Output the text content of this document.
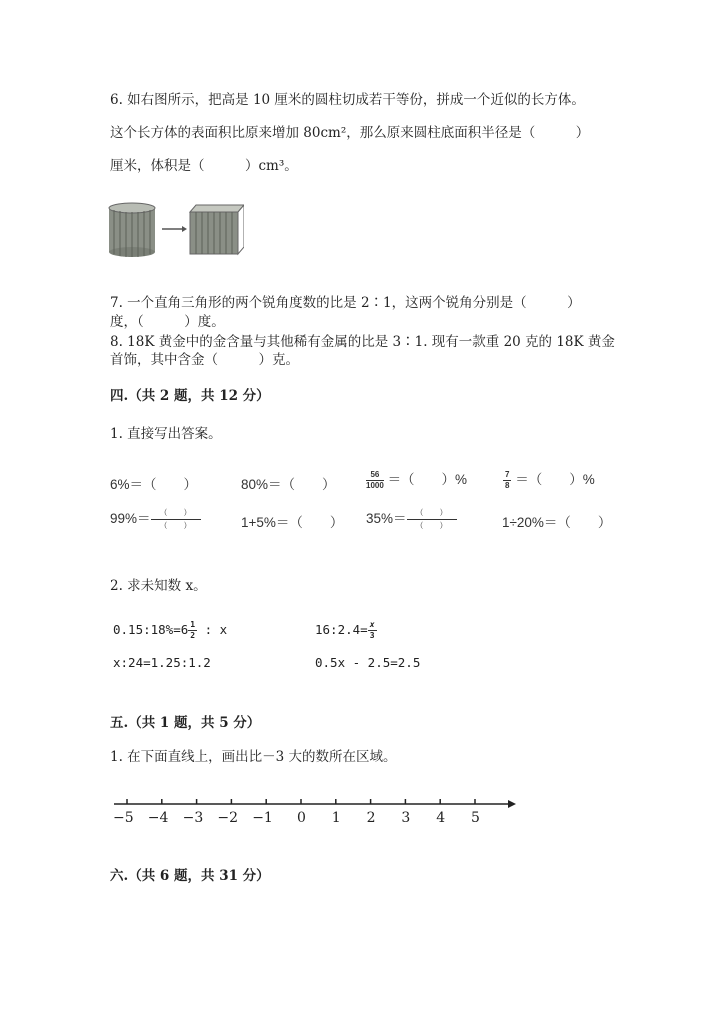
6. 如右图所示，把高是 10 厘米的圆柱切成若干等份，拼成一个近似的长方体。
这个长方体的表面积比原来增加 80cm²，那么原来圆柱底面积半径是（　　　）
厘米，体积是（　　　）cm³。
7. 一个直角三角形的两个锐角度数的比是 2∶1，这两个锐角分别是（　　　）
度，（　　　）度。
8. 18K 黄金中的金含量与其他稀有金属的比是 3∶1. 现有一款重 20 克的 18K 黄金
首饰，其中含金（　　　）克。
四.（共 2 题，共 12 分）
1. 直接写出答案。
6%＝（　　）	80%＝（　　）	$\frac{56}{1000}$ ＝（　　）%	$\frac{7}{8}$ ＝（　　）%
$99\%= \frac{( )}{( )}$	1+5%＝（　　） $35\%= \frac{( )}{( )}$	1÷20%＝（　　）
2. 求未知数 x。
0.15:18%=6 $\frac{1}{2}$ : x	16:2.4= $\frac{x}{3}$
x:24=1.25:1.2	0.5x - 2.5=2.5
五.（共 1 题，共 5 分）
1. 在下面直线上，画出比－3 大的数所在区域。
六.（共 6 题，共 31 分）
−5 −4 −3 −2 −1 0 1 2 3 4 5
